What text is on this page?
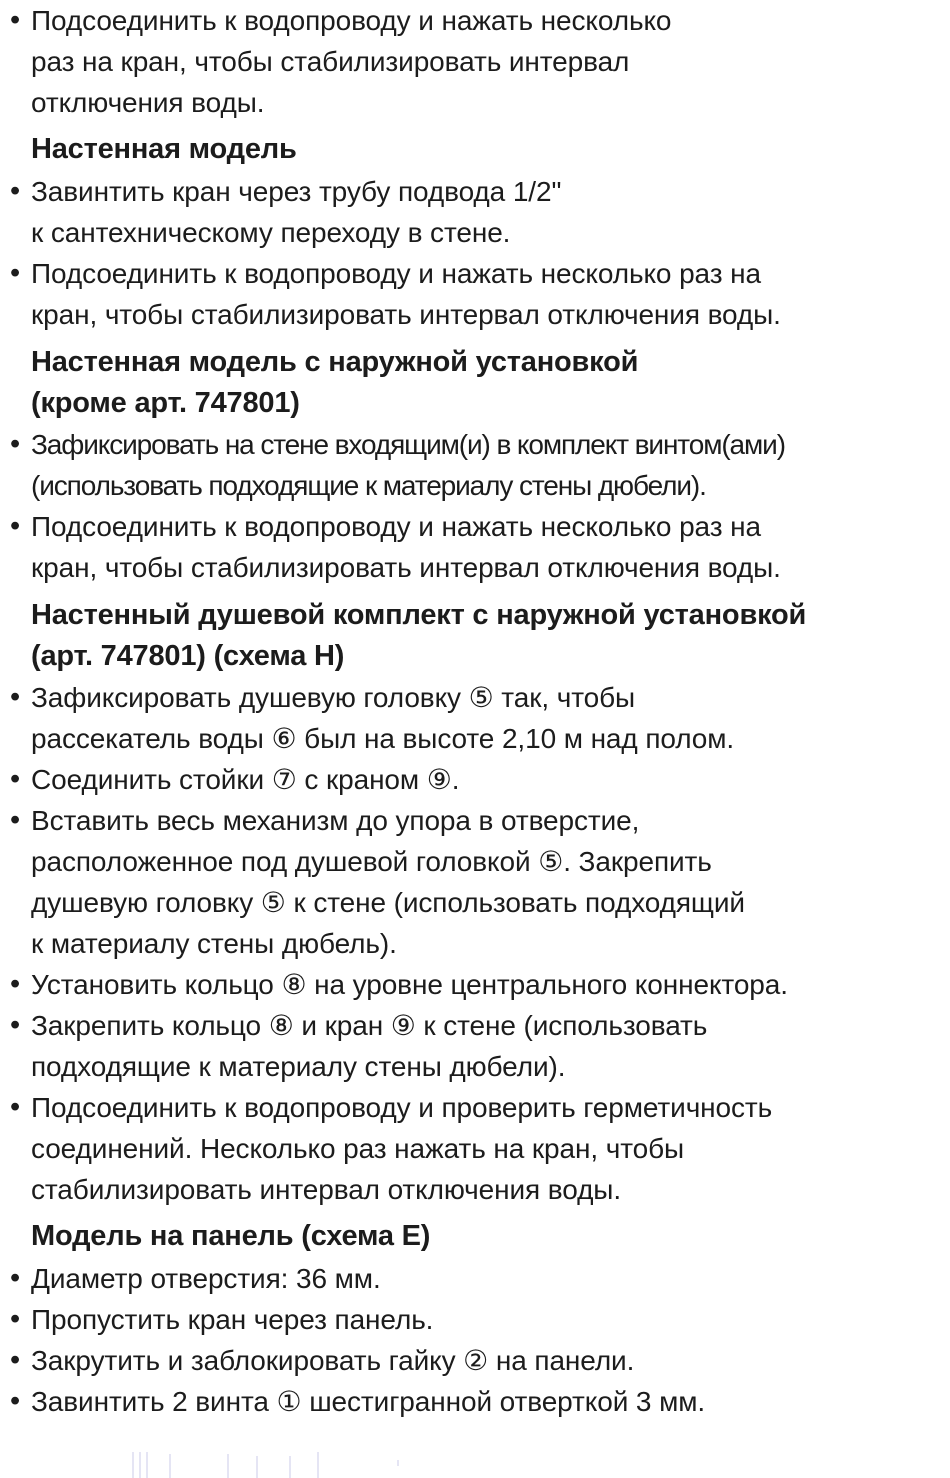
• Подсоединить к водопроводу и нажать несколько
раз на кран, чтобы стабилизировать интервал
отключения воды.
Настенная модель
• Завинтить кран через трубу подвода 1/2"
к сантехническому переходу в стене.
• Подсоединить к водопроводу и нажать несколько раз на
кран, чтобы стабилизировать интервал отключения воды.
Настенная модель с наружной установкой
(кроме арт. 747801)
• Зафиксировать на стене входящим(и) в комплект винтом(ами)
(использовать подходящие к материалу стены дюбели).
• Подсоединить к водопроводу и нажать несколько раз на
кран, чтобы стабилизировать интервал отключения воды.
Настенный душевой комплект с наружной установкой
(арт. 747801) (схема H)
• Зафиксировать душевую головку ⑤ так, чтобы
рассекатель воды ⑥ был на высоте 2,10 м над полом.
• Соединить стойки ⑦ с краном ⑨.
• Вставить весь механизм до упора в отверстие,
расположенное под душевой головкой ⑤. Закрепить
душевую головку ⑤ к стене (использовать подходящий
к материалу стены дюбель).
• Установить кольцо ⑧ на уровне центрального коннектора.
• Закрепить кольцо ⑧ и кран ⑨ к стене (использовать
подходящие к материалу стены дюбели).
• Подсоединить к водопроводу и проверить герметичность
соединений. Несколько раз нажать на кран, чтобы
стабилизировать интервал отключения воды.
Модель на панель (схема E)
• Диаметр отверстия: 36 мм.
• Пропустить кран через панель.
• Закрутить и заблокировать гайку ② на панели.
• Завинтить 2 винта ① шестигранной отверткой 3 мм.
